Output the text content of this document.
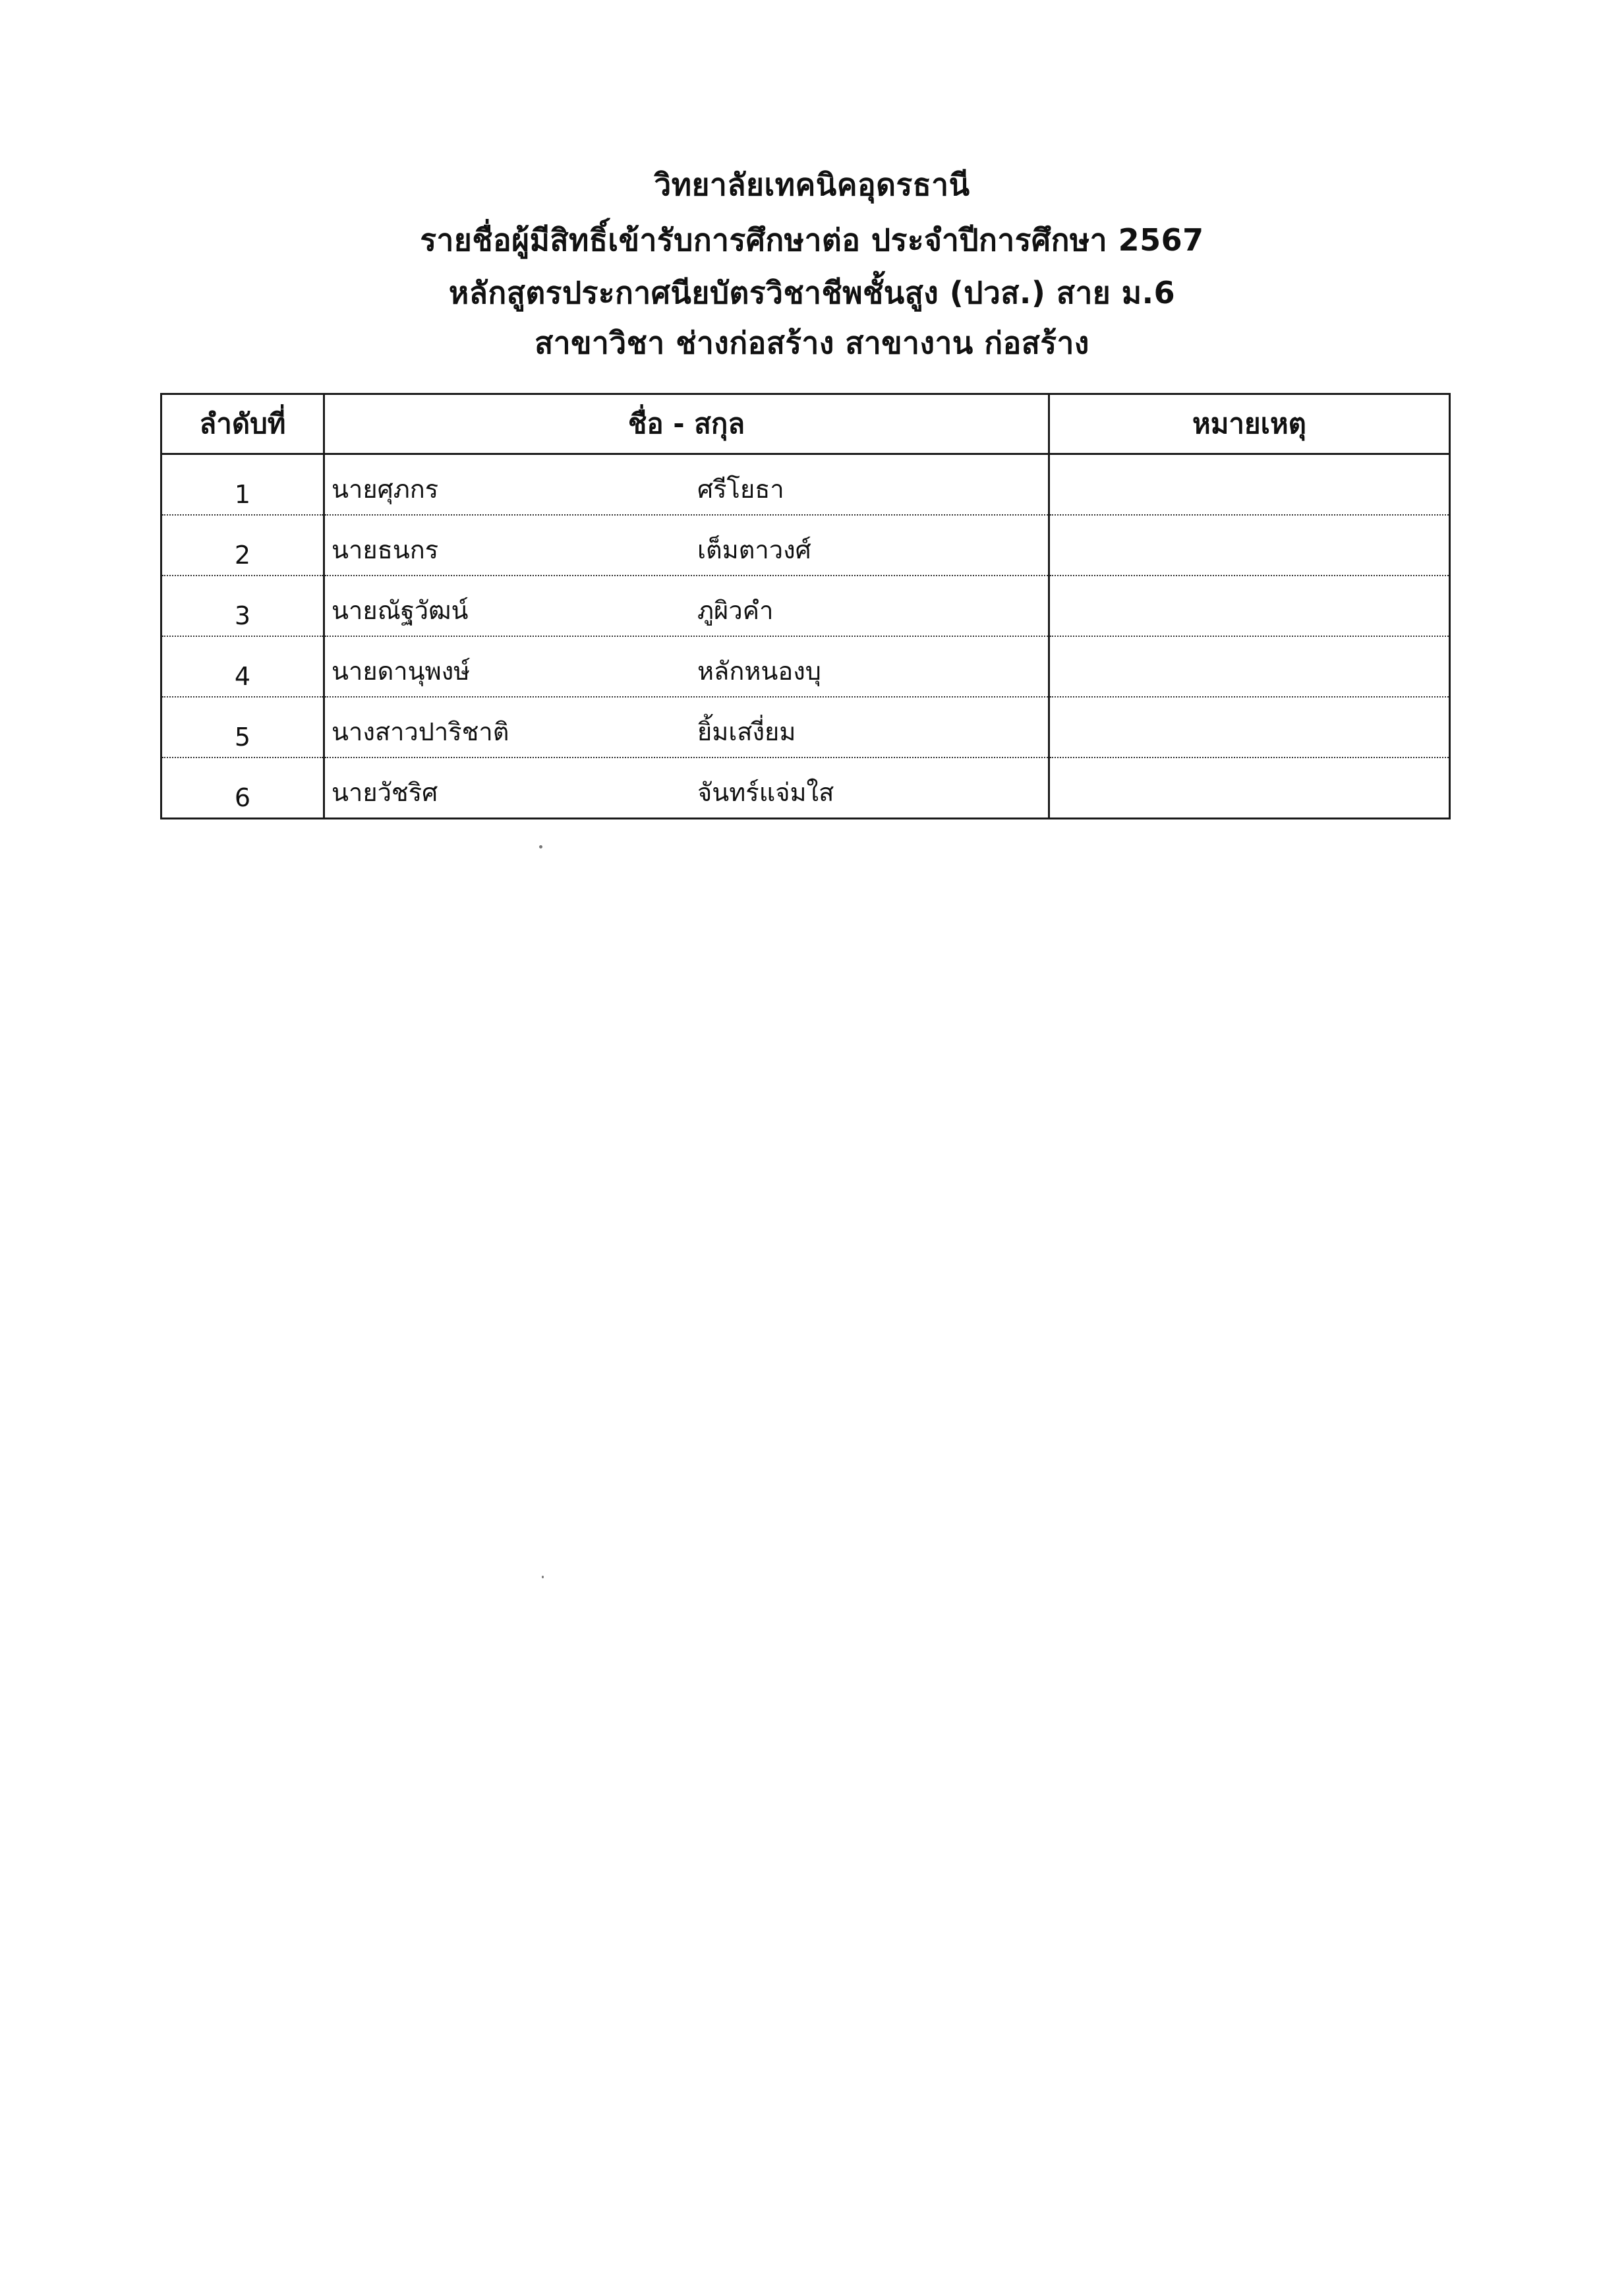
วิทยาลัยเทคนิคอุดรธานี
รายชื่อผู้มีสิทธิ์เข้ารับการศึกษาต่อ ประจำปีการศึกษา 2567
หลักสูตรประกาศนียบัตรวิชาชีพชั้นสูง (ปวส.) สาย ม.6
สาขาวิชา ช่างก่อสร้าง สาขางาน ก่อสร้าง
ลำดับที่	ชื่อ - สกุล	หมายเหตุ
1	นายศุภกร ศรีโยธา	

2	นายธนกร เต็มตาวงศ์	

3	นายณัฐวัฒน์ ภูผิวคำ	

4	นายดานุพงษ์ หลักหนองบุ	

5	นางสาวปาริชาติ ยิ้มเสงี่ยม	

6	นายวัชริศ จันทร์แจ่มใส	
